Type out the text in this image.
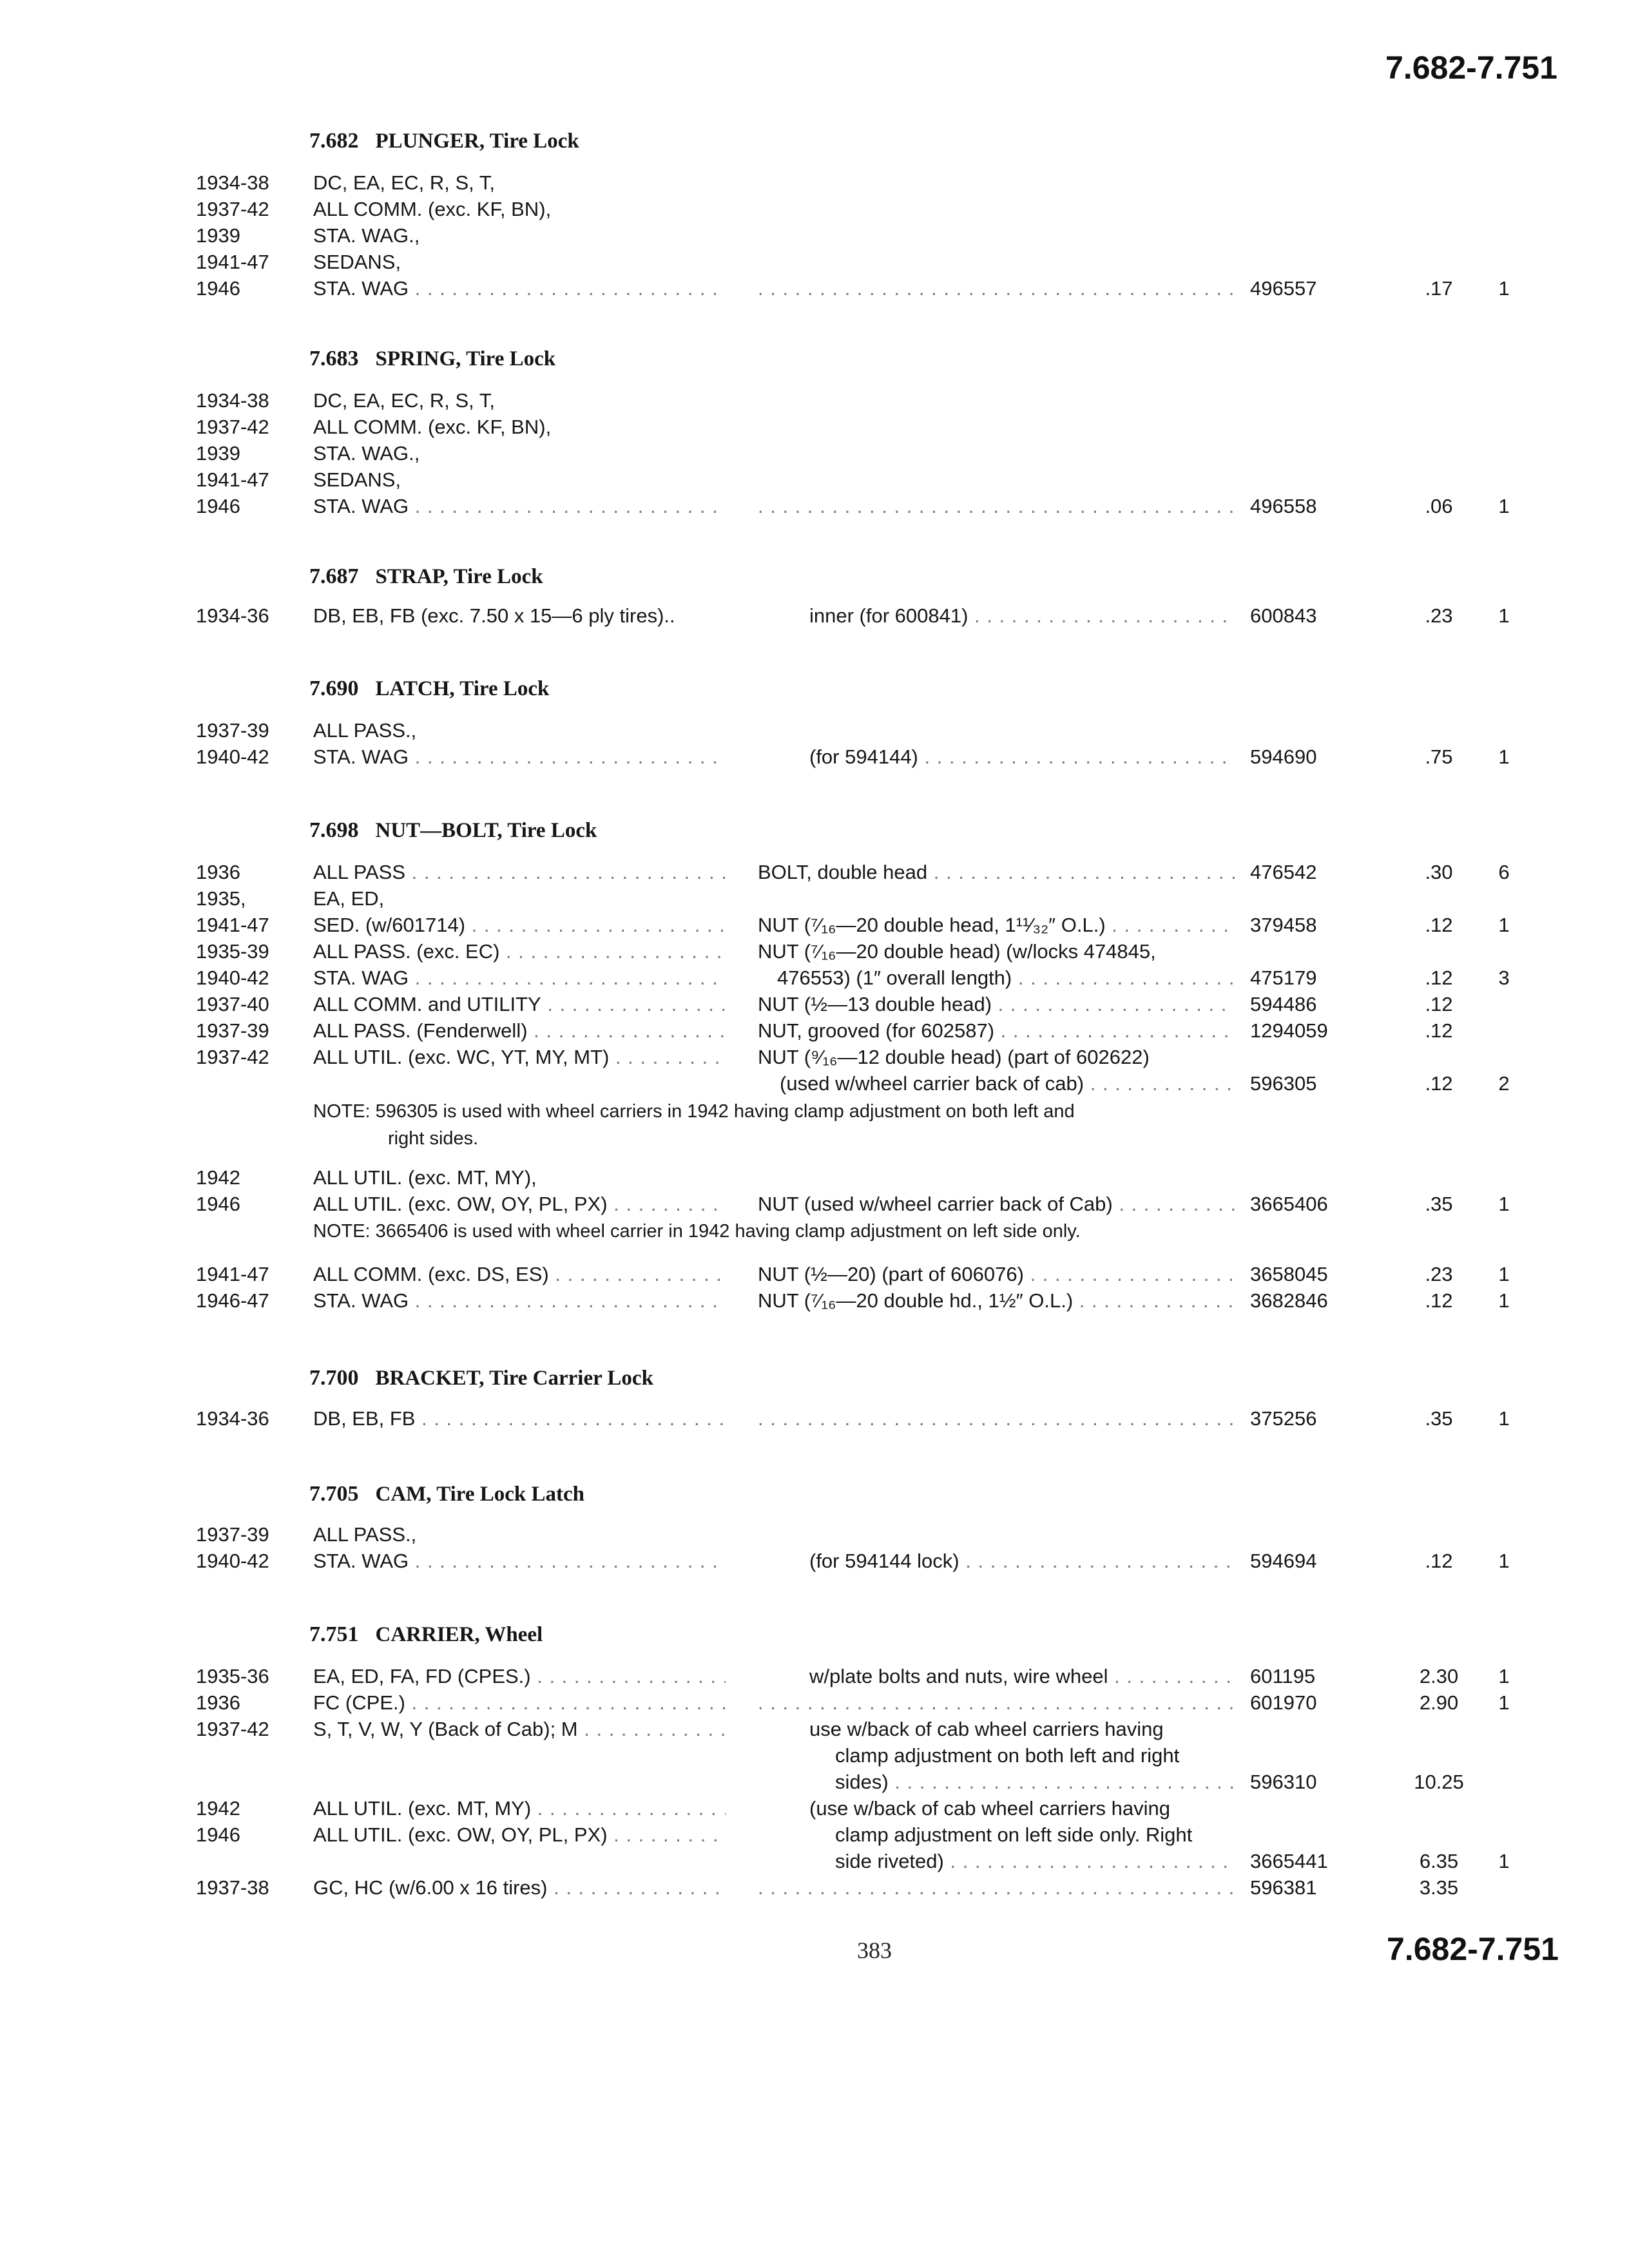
7.682-7.751
7.682 PLUNGER, Tire Lock
1934-38	DC, EA, EC, R, S, T,
1937-42	ALL COMM. (exc. KF, BN),
1939	STA. WAG.,
1941-47	SEDANS,
1946	STA. WAG . . . . . .	496557	.17	1
7.683 SPRING, Tire Lock
1934-38	DC, EA, EC, R, S, T,
1937-42	ALL COMM. (exc. KF, BN),
1939	STA. WAG.,
1941-47	SEDANS,
1946	STA. WAG . . . . . .	496558	.06	1
7.687 STRAP, Tire Lock
1934-36	DB, EB, FB (exc. 7.50 x 15—6 ply tires)..	inner (for 600841) . . .	600843	.23	1
7.690 LATCH, Tire Lock
1937-39	ALL PASS.,
1940-42	STA. WAG . . .	(for 594144) . . .	594690	.75	1
7.698 NUT—BOLT, Tire Lock
1936	ALL PASS . . .	BOLT, double head . . .	476542	.30	6
1935,	EA, ED,
1941-47	SED. (w/601714) . . .	NUT (⁷⁄₁₆—20 double head, 1¹¹⁄₃₂″ O.L.) . . .	379458	.12	1
1935-39	ALL PASS. (exc. EC) . . .	NUT (⁷⁄₁₆—20 double head) (w/locks 474845,
1940-42	STA. WAG . . .	476553) (1″ overall length) . . .	475179	.12	3
1937-40	ALL COMM. and UTILITY . . .	NUT (½—13 double head) . . .	594486	.12
1937-39	ALL PASS. (Fenderwell) . . .	NUT, grooved (for 602587) . . .	1294059	.12
1937-42	ALL UTIL. (exc. WC, YT, MY, MT) . . .	NUT (⁹⁄₁₆—12 double head) (part of 602622)
(used w/wheel carrier back of cab) . . .	596305	.12	2
NOTE: 596305 is used with wheel carriers in 1942 having clamp adjustment on both left and
right sides.
1942	ALL UTIL. (exc. MT, MY),
1946	ALL UTIL. (exc. OW, OY, PL, PX) . . .	NUT (used w/wheel carrier back of Cab) . . .	3665406	.35	1
NOTE: 3665406 is used with wheel carrier in 1942 having clamp adjustment on left side only.
1941-47	ALL COMM. (exc. DS, ES) . . .	NUT (½—20) (part of 606076) . . .	3658045	.23	1
1946-47	STA. WAG . . .	NUT (⁷⁄₁₆—20 double hd., 1½″ O.L.) . . .	3682846	.12	1
7.700 BRACKET, Tire Carrier Lock
1934-36	DB, EB, FB . . . . . .	375256	.35	1
7.705 CAM, Tire Lock Latch
1937-39	ALL PASS.,
1940-42	STA. WAG . . .	(for 594144 lock) . . .	594694	.12	1
7.751 CARRIER, Wheel
1935-36	EA, ED, FA, FD (CPES.) . . .	w/plate bolts and nuts, wire wheel . . .	601195	2.30	1
1936	FC (CPE.) . . . . . .	601970	2.90	1
1937-42	S, T, V, W, Y (Back of Cab); M . . .	use w/back of cab wheel carriers having
clamp adjustment on both left and right
sides) . . .	596310	10.25
1942	ALL UTIL. (exc. MT, MY) . . .	(use w/back of cab wheel carriers having
1946	ALL UTIL. (exc. OW, OY, PL, PX) . . .	clamp adjustment on left side only. Right
side riveted) . . .	3665441	6.35	1
1937-38	GC, HC (w/6.00 x 16 tires) . . . . . .	596381	3.35
383	7.682-7.751
